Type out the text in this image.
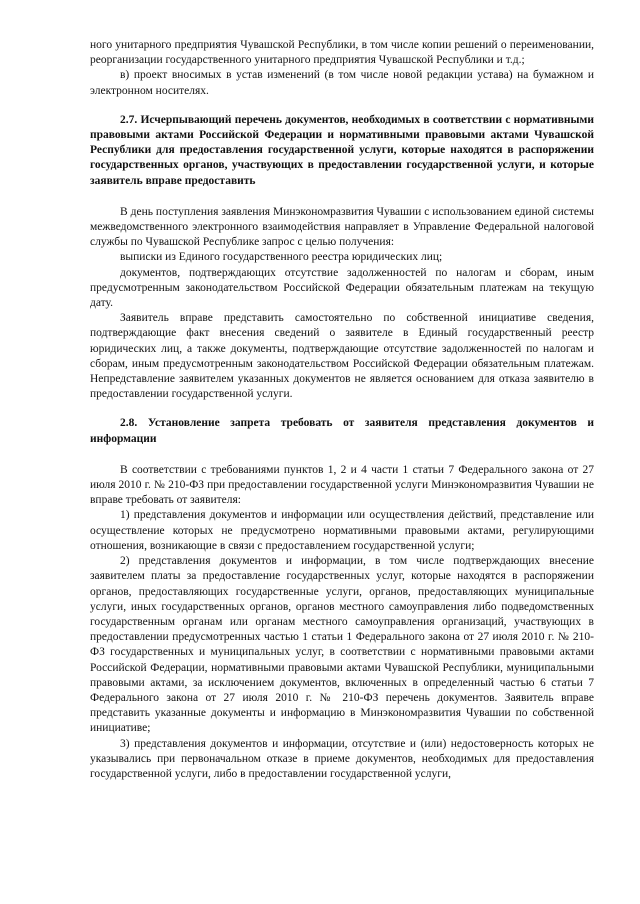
ного унитарного предприятия Чувашской Республики, в том числе копии решений о переименовании, реорганизации государственного унитарного предприятия Чувашской Республики и т.д.;

в) проект вносимых в устав изменений (в том числе новой редакции устава) на бумажном и электронном носителях.

2.7. Исчерпывающий перечень документов, необходимых в соответствии с нормативными правовыми актами Российской Федерации и нормативными правовыми актами Чувашской Республики для предоставления государственной услуги, которые находятся в распоряжении государственных органов, участвующих в предоставлении государственной услуги, и которые заявитель вправе предоставить

В день поступления заявления Минэкономразвития Чувашии с использованием единой системы межведомственного электронного взаимодействия направляет в Управление Федеральной налоговой службы по Чувашской Республике запрос с целью получения:

выписки из Единого государственного реестра юридических лиц;

документов, подтверждающих отсутствие задолженностей по налогам и сборам, иным предусмотренным законодательством Российской Федерации обязательным платежам на текущую дату.

Заявитель вправе представить самостоятельно по собственной инициативе сведения, подтверждающие факт внесения сведений о заявителе в Единый государственный реестр юридических лиц, а также документы, подтверждающие отсутствие задолженностей по налогам и сборам, иным предусмотренным законодательством Российской Федерации обязательным платежам. Непредставление заявителем указанных документов не является основанием для отказа заявителю в предоставлении государственной услуги.

2.8. Установление запрета требовать от заявителя представления документов и информации

В соответствии с требованиями пунктов 1, 2 и 4 части 1 статьи 7 Федерального закона от 27 июля 2010 г. № 210-ФЗ при предоставлении государственной услуги Минэкономразвития Чувашии не вправе требовать от заявителя:

1) представления документов и информации или осуществления действий, представление или осуществление которых не предусмотрено нормативными правовыми актами, регулирующими отношения, возникающие в связи с предоставлением государственной услуги;

2) представления документов и информации, в том числе подтверждающих внесение заявителем платы за предоставление государственных услуг, которые находятся в распоряжении органов, предоставляющих государственные услуги, органов, предоставляющих муниципальные услуги, иных государственных органов, органов местного самоуправления либо подведомственных государственным органам или органам местного самоуправления организаций, участвующих в предоставлении предусмотренных частью 1 статьи 1 Федерального закона от 27 июля 2010 г. № 210-ФЗ государственных и муниципальных услуг, в соответствии с нормативными правовыми актами Российской Федерации, нормативными правовыми актами Чувашской Республики, муниципальными правовыми актами, за исключением документов, включенных в определенный частью 6 статьи 7 Федерального закона от 27 июля 2010 г. № 210-ФЗ перечень документов. Заявитель вправе представить указанные документы и информацию в Минэкономразвития Чувашии по собственной инициативе;

3) представления документов и информации, отсутствие и (или) недостоверность которых не указывались при первоначальном отказе в приеме документов, необходимых для предоставления государственной услуги, либо в предоставлении государственной услуги,
